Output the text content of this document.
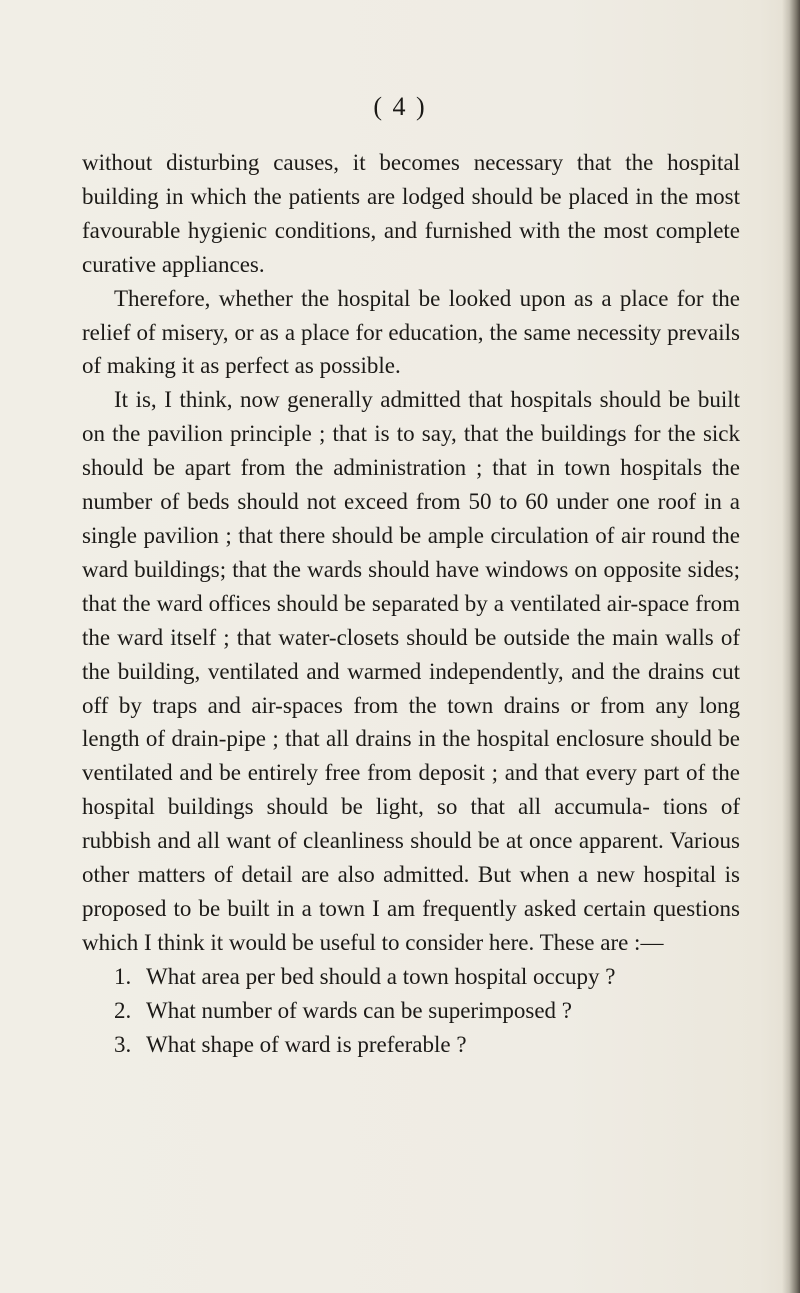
( 4 )

without disturbing causes, it becomes necessary that the hospital building in which the patients are lodged should be placed in the most favourable hygienic conditions, and furnished with the most complete curative appliances.

Therefore, whether the hospital be looked upon as a place for the relief of misery, or as a place for education, the same necessity prevails of making it as perfect as possible.

It is, I think, now generally admitted that hospitals should be built on the pavilion principle ; that is to say, that the buildings for the sick should be apart from the administration ; that in town hospitals the number of beds should not exceed from 50 to 60 under one roof in a single pavilion ; that there should be ample circulation of air round the ward buildings; that the wards should have windows on opposite sides; that the ward offices should be separated by a ventilated air-space from the ward itself ; that water-closets should be outside the main walls of the building, ventilated and warmed independently, and the drains cut off by traps and air-spaces from the town drains or from any long length of drain-pipe ; that all drains in the hospital enclosure should be ventilated and be entirely free from deposit ; and that every part of the hospital buildings should be light, so that all accumula- tions of rubbish and all want of cleanliness should be at once apparent. Various other matters of detail are also admitted. But when a new hospital is proposed to be built in a town I am frequently asked certain questions which I think it would be useful to consider here. These are :—

1. What area per bed should a town hospital occupy ?
2. What number of wards can be superimposed ?
3. What shape of ward is preferable ?
